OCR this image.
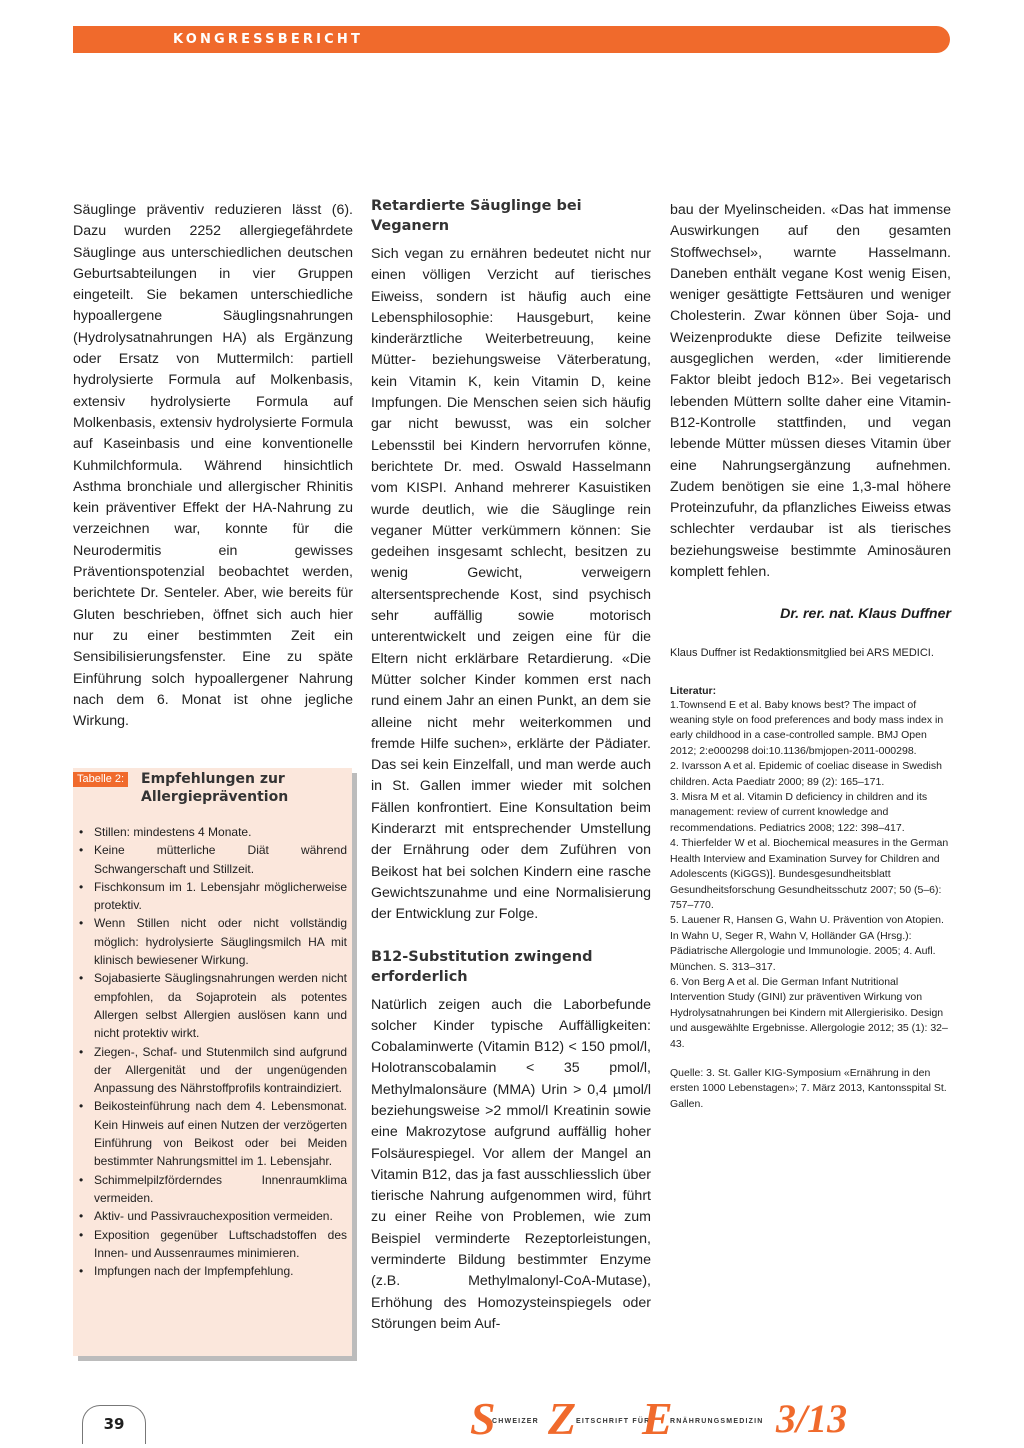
KONGRESSBERICHT

Säuglinge präventiv reduzieren lässt (6). Dazu wurden 2252 allergiegefährdete Säuglinge aus unterschiedlichen deutschen Geburtsabteilungen in vier Gruppen eingeteilt. Sie bekamen unterschiedliche hypoallergene Säuglingsnahrungen (Hydrolysatnahrungen HA) als Ergänzung oder Ersatz von Muttermilch: partiell hydrolysierte Formula auf Molkenbasis, extensiv hydrolysierte Formula auf Molkenbasis, extensiv hydrolysierte Formula auf Kaseinbasis und eine konventionelle Kuhmilchformula. Während hinsichtlich Asthma bronchiale und allergischer Rhinitis kein präventiver Effekt der HA-Nahrung zu verzeichnen war, konnte für die Neurodermitis ein gewisses Präventionspotenzial beobachtet werden, berichtete Dr. Senteler. Aber, wie bereits für Gluten beschrieben, öffnet sich auch hier nur zu einer bestimmten Zeit ein Sensibilisierungsfenster. Eine zu späte Einführung solch hypoallergener Nahrung nach dem 6. Monat ist ohne jegliche Wirkung.

Tabelle 2: Empfehlungen zur Allergieprävention
• Stillen: mindestens 4 Monate.
• Keine mütterliche Diät während Schwangerschaft und Stillzeit.
• Fischkonsum im 1. Lebensjahr möglicherweise protektiv.
• Wenn Stillen nicht oder nicht vollständig möglich: hydrolysierte Säuglingsmilch HA mit klinisch bewiesener Wirkung.
• Sojabasierte Säuglingsnahrungen werden nicht empfohlen, da Sojaprotein als potentes Allergen selbst Allergien auslösen kann und nicht protektiv wirkt.
• Ziegen-, Schaf- und Stutenmilch sind aufgrund der Allergenität und der ungenügenden Anpassung des Nährstoffprofils kontraindiziert.
• Beikosteinführung nach dem 4. Lebensmonat. Kein Hinweis auf einen Nutzen der verzögerten Einführung von Beikost oder bei Meiden bestimmter Nahrungsmittel im 1. Lebensjahr.
• Schimmelpilzförderndes Innenraumklima vermeiden.
• Aktiv- und Passivrauchexposition vermeiden.
• Exposition gegenüber Luftschadstoffen des Innen- und Aussenraumes minimieren.
• Impfungen nach der Impfempfehlung.
Retardierte Säuglinge bei Veganern

Sich vegan zu ernähren bedeutet nicht nur einen völligen Verzicht auf tierisches Eiweiss, sondern ist häufig auch eine Lebensphilosophie: Hausgeburt, keine kinderärztliche Weiterbetreuung, keine Mütter- beziehungsweise Väterberatung, kein Vitamin K, kein Vitamin D, keine Impfungen. Die Menschen seien sich häufig gar nicht bewusst, was ein solcher Lebensstil bei Kindern hervorrufen könne, berichtete Dr. med. Oswald Hasselmann vom KISPI. Anhand mehrerer Kasuistiken wurde deutlich, wie die Säuglinge rein veganer Mütter verkümmern können: Sie gedeihen insgesamt schlecht, besitzen zu wenig Gewicht, verweigern altersentsprechende Kost, sind psychisch sehr auffällig sowie motorisch unterentwickelt und zeigen eine für die Eltern nicht erklärbare Retardierung. «Die Mütter solcher Kinder kommen erst nach rund einem Jahr an einen Punkt, an dem sie alleine nicht mehr weiterkommen und fremde Hilfe suchen», erklärte der Pädiater. Das sei kein Einzelfall, und man werde auch in St. Gallen immer wieder mit solchen Fällen konfrontiert. Eine Konsultation beim Kinderarzt mit entsprechender Umstellung der Ernährung oder dem Zuführen von Beikost hat bei solchen Kindern eine rasche Gewichtszunahme und eine Normalisierung der Entwicklung zur Folge.

B12-Substitution zwingend erforderlich

Natürlich zeigen auch die Laborbefunde solcher Kinder typische Auffälligkeiten: Cobalaminwerte (Vitamin B12) < 150 pmol/l, Holotranscobalamin < 35 pmol/l, Methylmalonsäure (MMA) Urin > 0,4 µmol/l beziehungsweise >2 mmol/l Kreatinin sowie eine Makrozytose aufgrund auffällig hoher Folsäurespiegel. Vor allem der Mangel an Vitamin B12, das ja fast ausschliesslich über tierische Nahrung aufgenommen wird, führt zu einer Reihe von Problemen, wie zum Beispiel verminderte Rezeptorleistungen, verminderte Bildung bestimmter Enzyme (z.B. Methylmalonyl-CoA-Mutase), Erhöhung des Homozysteinspiegels oder Störungen beim Auf-

bau der Myelinscheiden. «Das hat immense Auswirkungen auf den gesamten Stoffwechsel», warnte Hasselmann. Daneben enthält vegane Kost wenig Eisen, weniger gesättigte Fettsäuren und weniger Cholesterin. Zwar können über Soja- und Weizenprodukte diese Defizite teilweise ausgeglichen werden, «der limitierende Faktor bleibt jedoch B12». Bei vegetarisch lebenden Müttern sollte daher eine Vitamin-B12-Kontrolle stattfinden, und vegan lebende Mütter müssen dieses Vitamin über eine Nahrungsergänzung aufnehmen. Zudem benötigen sie eine 1,3-mal höhere Proteinzufuhr, da pflanzliches Eiweiss etwas schlechter verdaubar ist als tierisches beziehungsweise bestimmte Aminosäuren komplett fehlen.

Dr. rer. nat. Klaus Duffner
Klaus Duffner ist Redaktionsmitglied bei ARS MEDICI.
Literatur:
1.Townsend E et al. Baby knows best? The impact of weaning style on food preferences and body mass index in early childhood in a case-controlled sample. BMJ Open 2012; 2:e000298 doi:10.1136/bmjopen-2011-000298.
2. Ivarsson A et al. Epidemic of coeliac disease in Swedish children. Acta Paediatr 2000; 89 (2): 165–171.
3. Misra M et al. Vitamin D deficiency in children and its management: review of current knowledge and recommendations. Pediatrics 2008; 122: 398–417.
4. Thierfelder W et al. Biochemical measures in the German Health Interview and Examination Survey for Children and Adolescents (KiGGS)]. Bundesgesundheitsblatt Gesundheitsforschung Gesundheitsschutz 2007; 50 (5–6): 757–770.
5. Lauener R, Hansen G, Wahn U. Prävention von Atopien. In Wahn U, Seger R, Wahn V, Holländer GA (Hrsg.): Pädiatrische Allergologie und Immunologie. 2005; 4. Aufl. München. S. 313–317.
6. Von Berg A et al. Die German Infant Nutritional Intervention Study (GINI) zur präventiven Wirkung von Hydrolysatnahrungen bei Kindern mit Allergierisiko. Design und ausgewählte Ergebnisse. Allergologie 2012; 35 (1): 32–43.
Quelle: 3. St. Galler KIG-Symposium «Ernährung in den ersten 1000 Lebenstagen»; 7. März 2013, Kantonsspital St. Gallen.
39	S
CHWEIZER Z EITSCHRIFT FÜR
E
RNÄHRUNGSMEDIZIN 3/13
